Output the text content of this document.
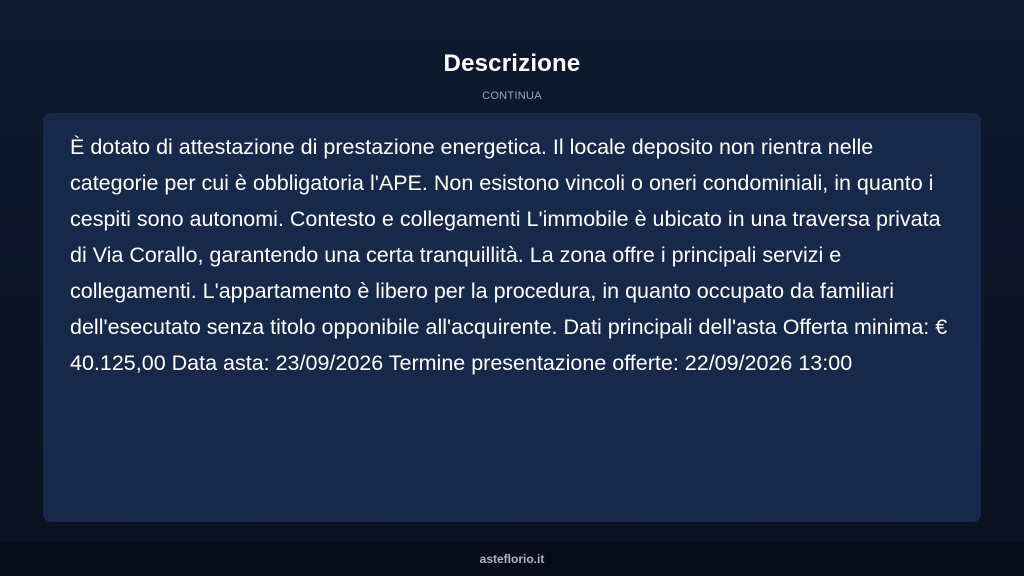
Descrizione
CONTINUA

È dotato di attestazione di prestazione energetica. Il locale deposito non rientra nelle categorie per cui è obbligatoria l'APE. Non esistono vincoli o oneri condominiali, in quanto i cespiti sono autonomi. Contesto e collegamenti L'immobile è ubicato in una traversa privata di Via Corallo, garantendo una certa tranquillità. La zona offre i principali servizi e collegamenti. L'appartamento è libero per la procedura, in quanto occupato da familiari dell'esecutato senza titolo opponibile all'acquirente. Dati principali dell'asta Offerta minima: € 40.125,00 Data asta: 23/09/2026 Termine presentazione offerte: 22/09/2026 13:00

asteflorio.it
